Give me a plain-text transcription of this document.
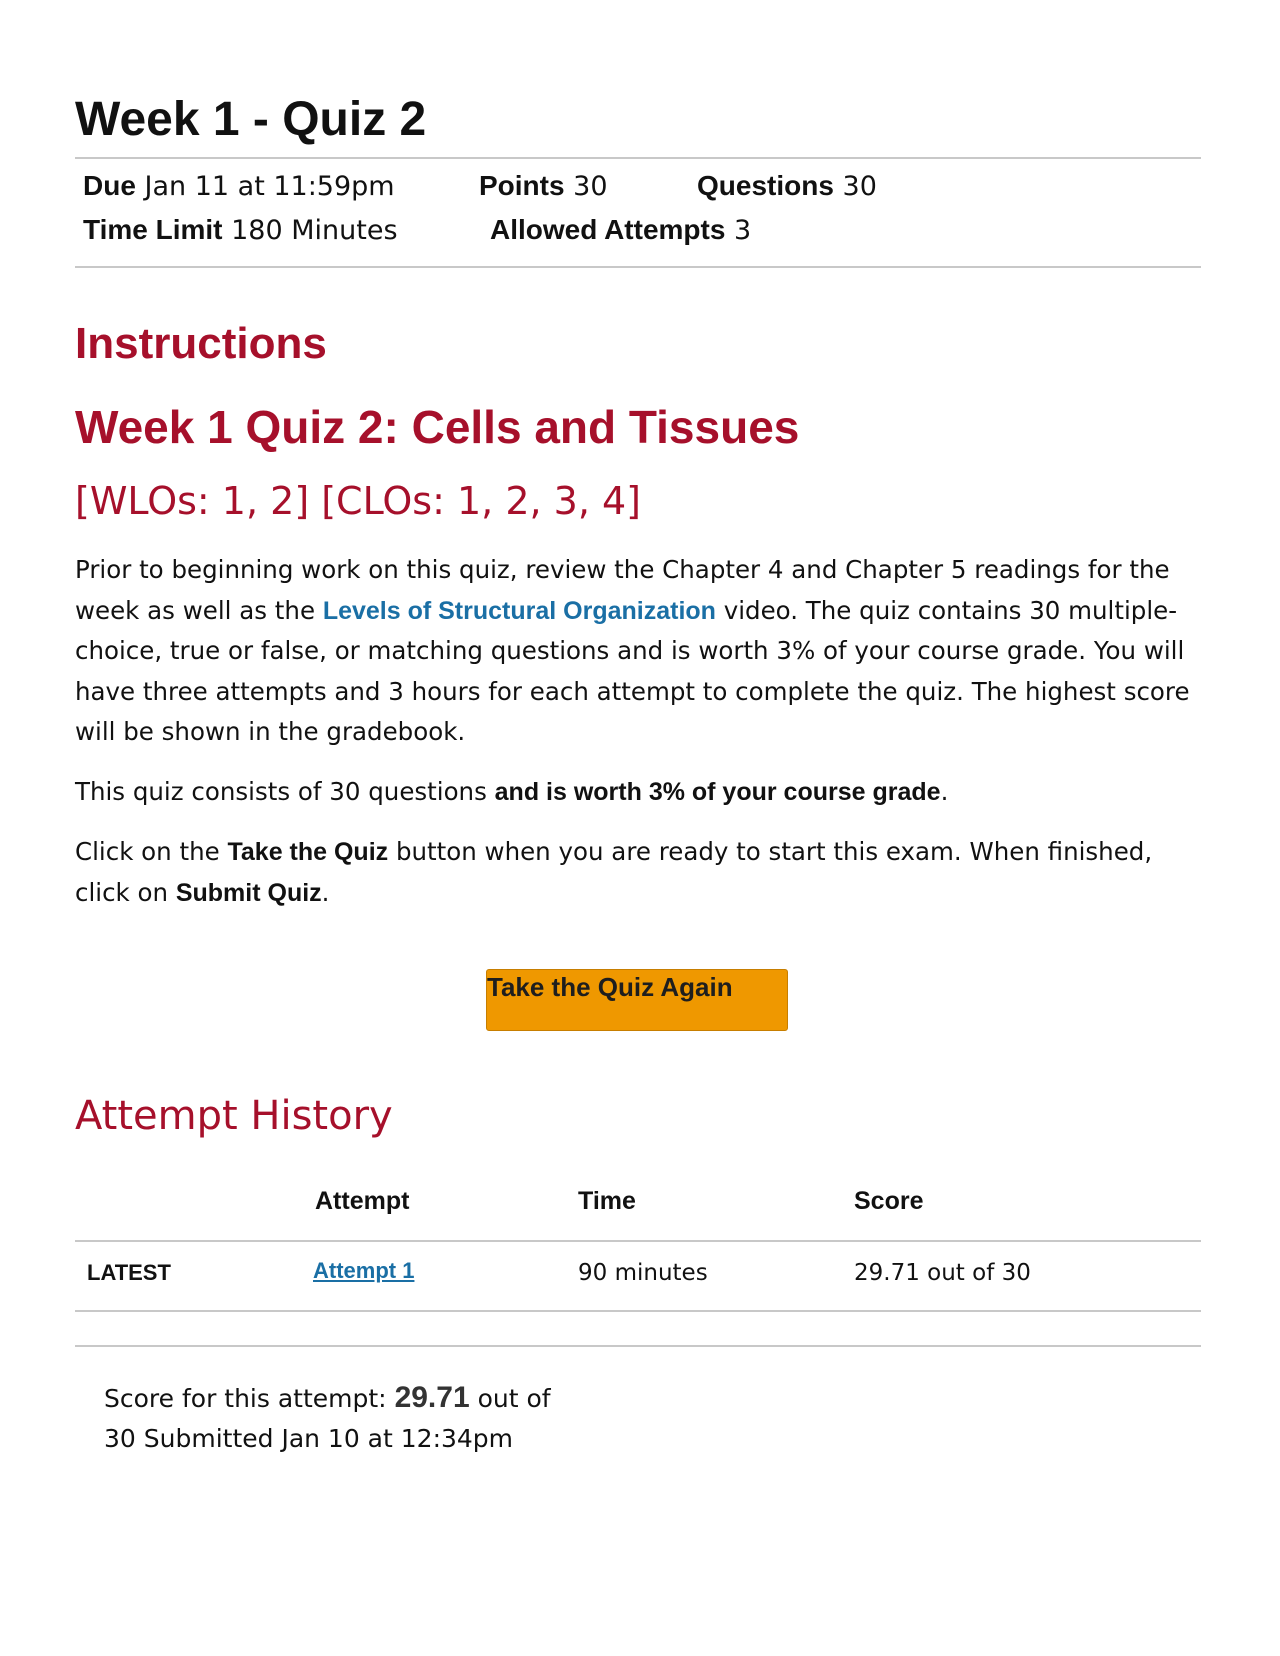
Week 1 - Quiz 2
Due Jan 11 at 11:59pm	Points 30	Questions 30
Time Limit 180 Minutes	Allowed Attempts 3
Instructions
Week 1 Quiz 2: Cells and Tissues
[WLOs: 1, 2] [CLOs: 1, 2, 3, 4]

Prior to beginning work on this quiz, review the Chapter 4 and Chapter 5 readings for the week as well as the Levels of Structural Organization video. The quiz contains 30 multiple-choice, true or false, or matching questions and is worth 3% of your course grade. You will have three attempts and 3 hours for each attempt to complete the quiz. The highest score will be shown in the gradebook.

This quiz consists of 30 questions and is worth 3% of your course grade.

Click on the Take the Quiz button when you are ready to start this exam. When finished, click on Submit Quiz.

Take the Quiz Again
Attempt History
Attempt	Time	Score
LATEST	Attempt 1	90 minutes	29.71 out of 30

Score for this attempt: 29.71 out of 30 Submitted Jan 10 at 12:34pm
